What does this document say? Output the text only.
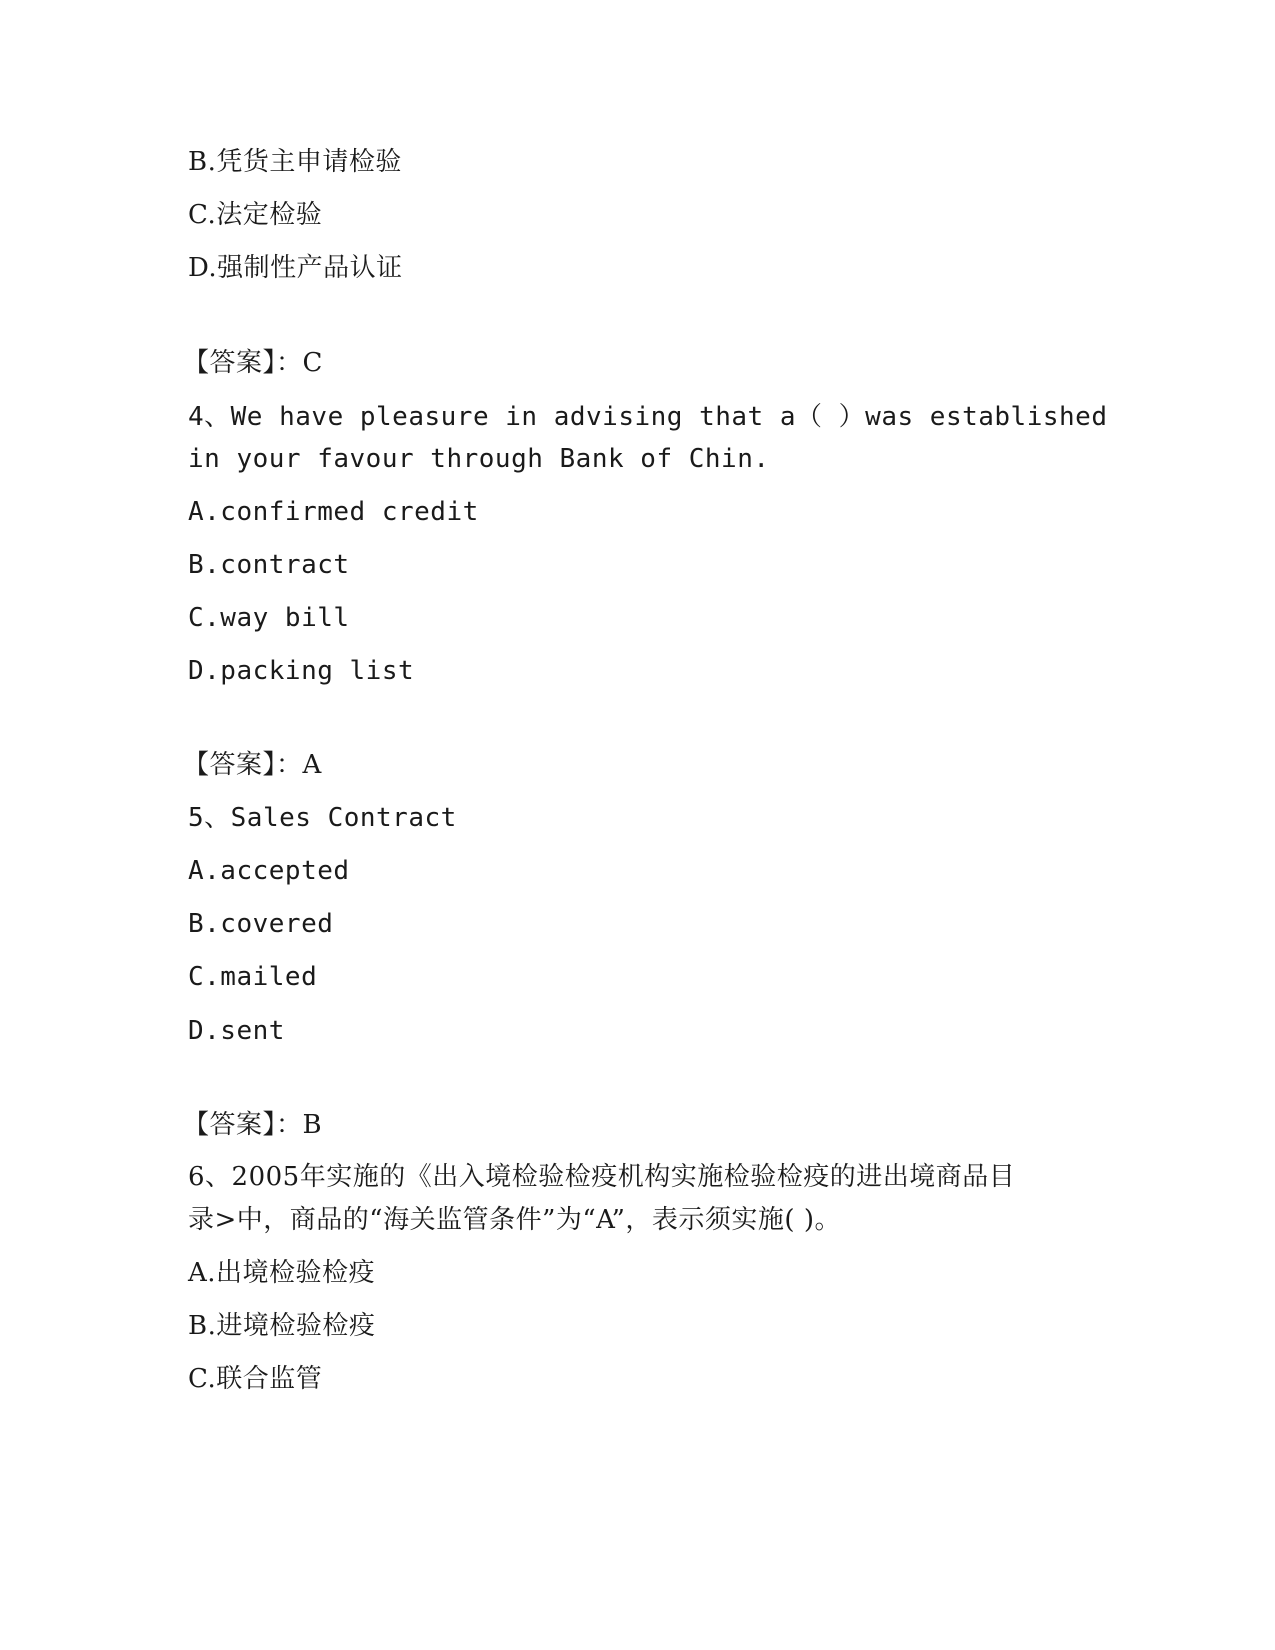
B.凭货主申请检验
C.法定检验
D.强制性产品认证
【答案】：C
4、We have pleasure in advising that a（ ）was established
in your favour through Bank of Chin.
A.confirmed credit
B.contract
C.way bill
D.packing list
【答案】：A
5、Sales Contract
A.accepted
B.covered
C.mailed
D.sent
【答案】：B
6、2005年实施的《出入境检验检疫机构实施检验检疫的进出境商品目
录>中，商品的“海关监管条件”为“A”，表示须实施( )。
A.出境检验检疫
B.进境检验检疫
C.联合监管
